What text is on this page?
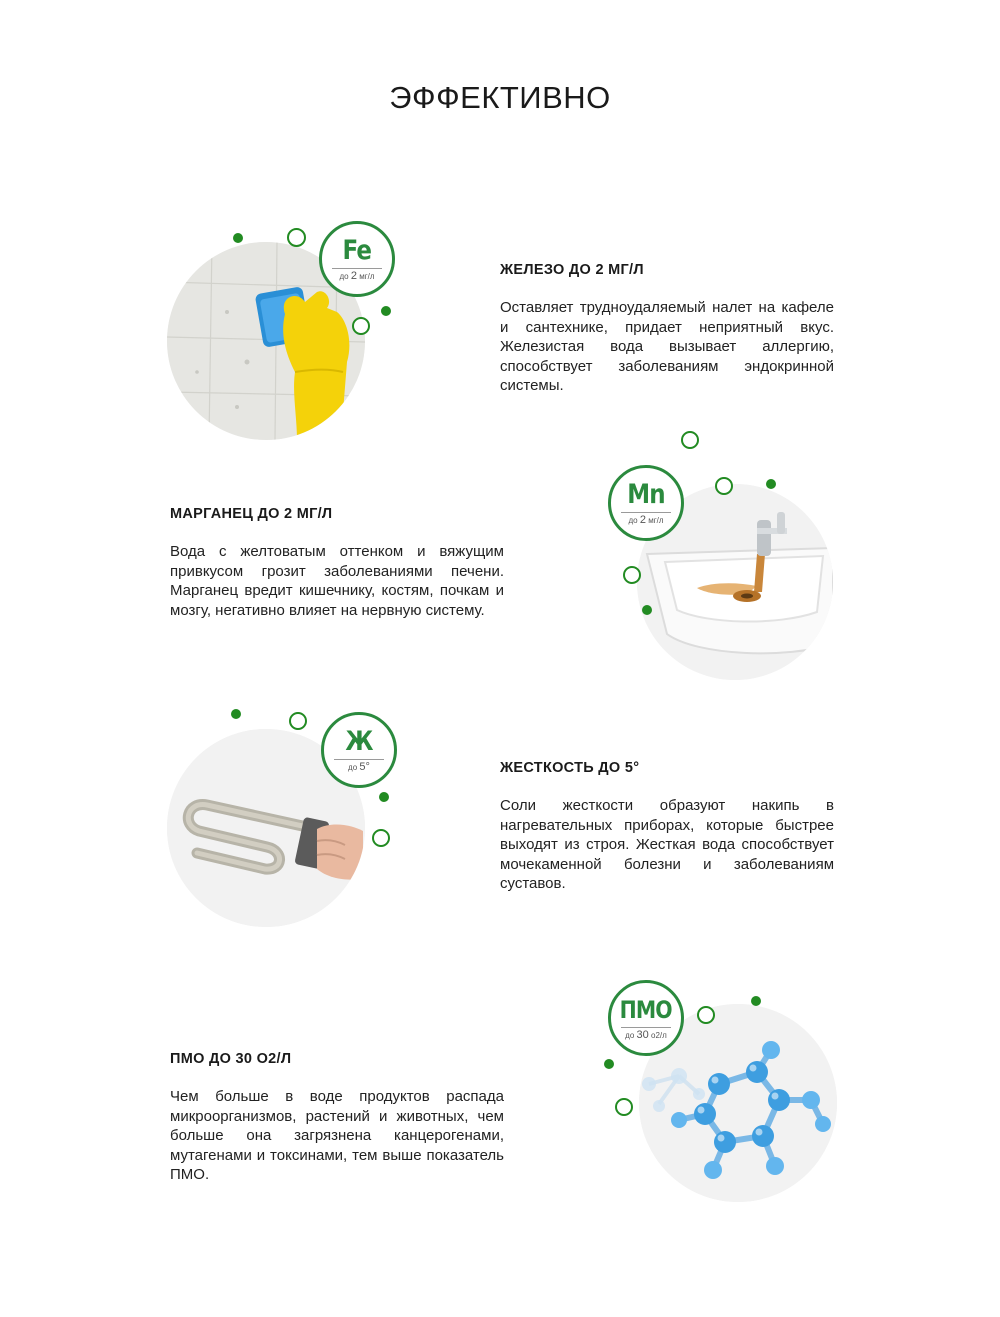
ЭФФЕКТИВНО
Fe
до 2 мг/л	ЖЕЛЕЗО ДО 2 МГ/Л

Оставляет трудноудаляемый налет на кафеле и сантехнике, придает неприятный вкус. Железистая вода вызывает аллергию, способствует заболеваниям эндокринной системы.

МАРГАНЕЦ ДО 2 МГ/Л

Вода с желтоватым оттенком и вяжущим привкусом грозит заболеваниями печени. Марганец вредит кишечнику, костям, почкам и мозгу, негативно влияет на нервную систему.

Mn
до 2 мг/л
Ж
до 5°	ЖЕСТКОСТЬ ДО 5°

Соли жесткости образуют накипь в нагревательных приборах, которые быстрее выходят из строя. Жесткая вода способствует мочекаменной болезни и заболеваниям суставов.

ПМО ДО 30 О2/Л

Чем больше в воде продуктов распада микроорганизмов, растений и животных, чем больше она загрязнена канцерогенами, мутагенами и токсинами, тем выше показатель ПМО.

ПМО
до 30 о2/л
